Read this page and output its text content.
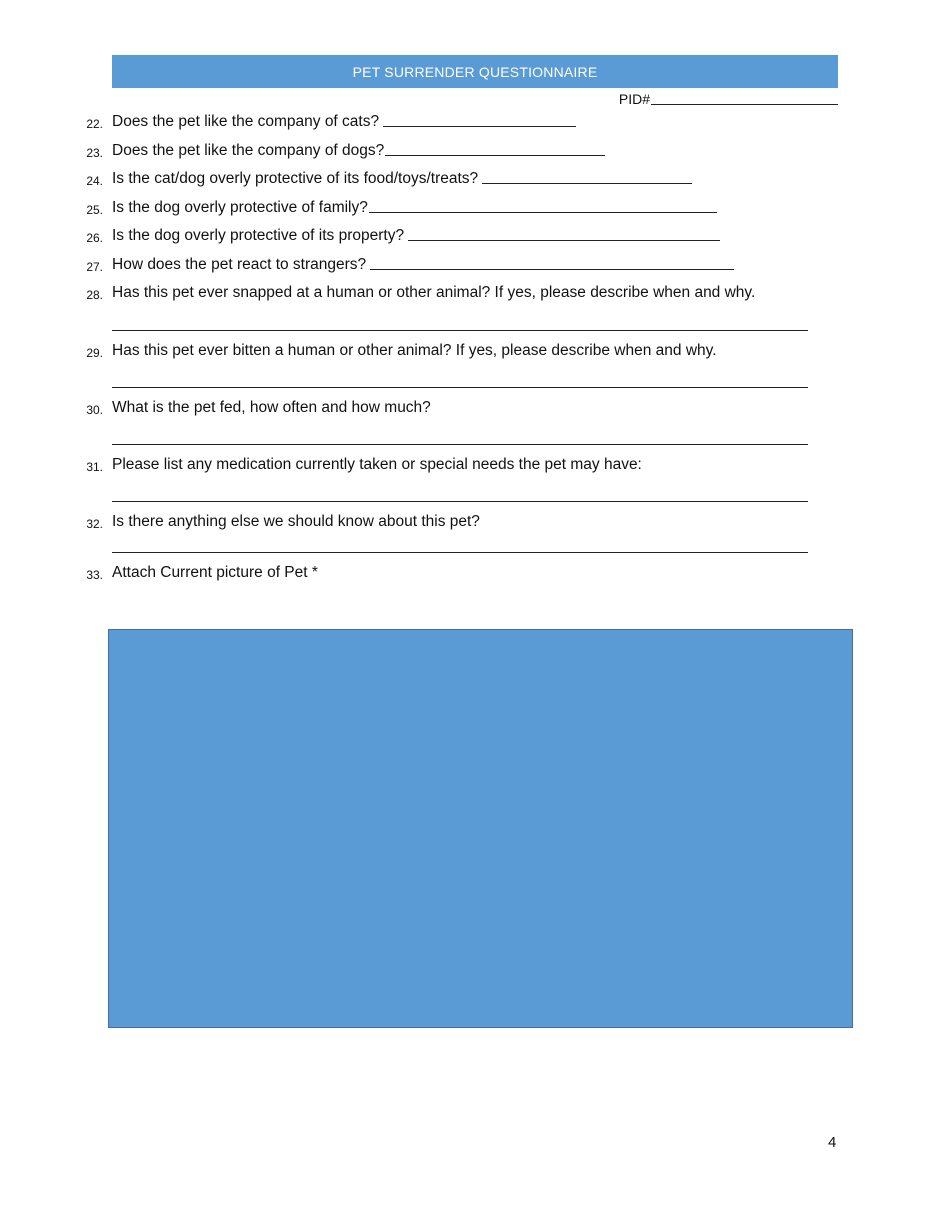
PET SURRENDER QUESTIONNAIRE
PID#
22. Does the pet like the company of cats?
23. Does the pet like the company of dogs?
24. Is the cat/dog overly protective of its food/toys/treats?
25. Is the dog overly protective of family?
26. Is the dog overly protective of its property?
27. How does the pet react to strangers?
28. Has this pet ever snapped at a human or other animal? If yes, please describe when and why.
29. Has this pet ever bitten a human or other animal? If yes, please describe when and why.
30. What is the pet fed, how often and how much?
31. Please list any medication currently taken or special needs the pet may have:
32. Is there anything else we should know about this pet?
33. Attach Current picture of Pet *
4
